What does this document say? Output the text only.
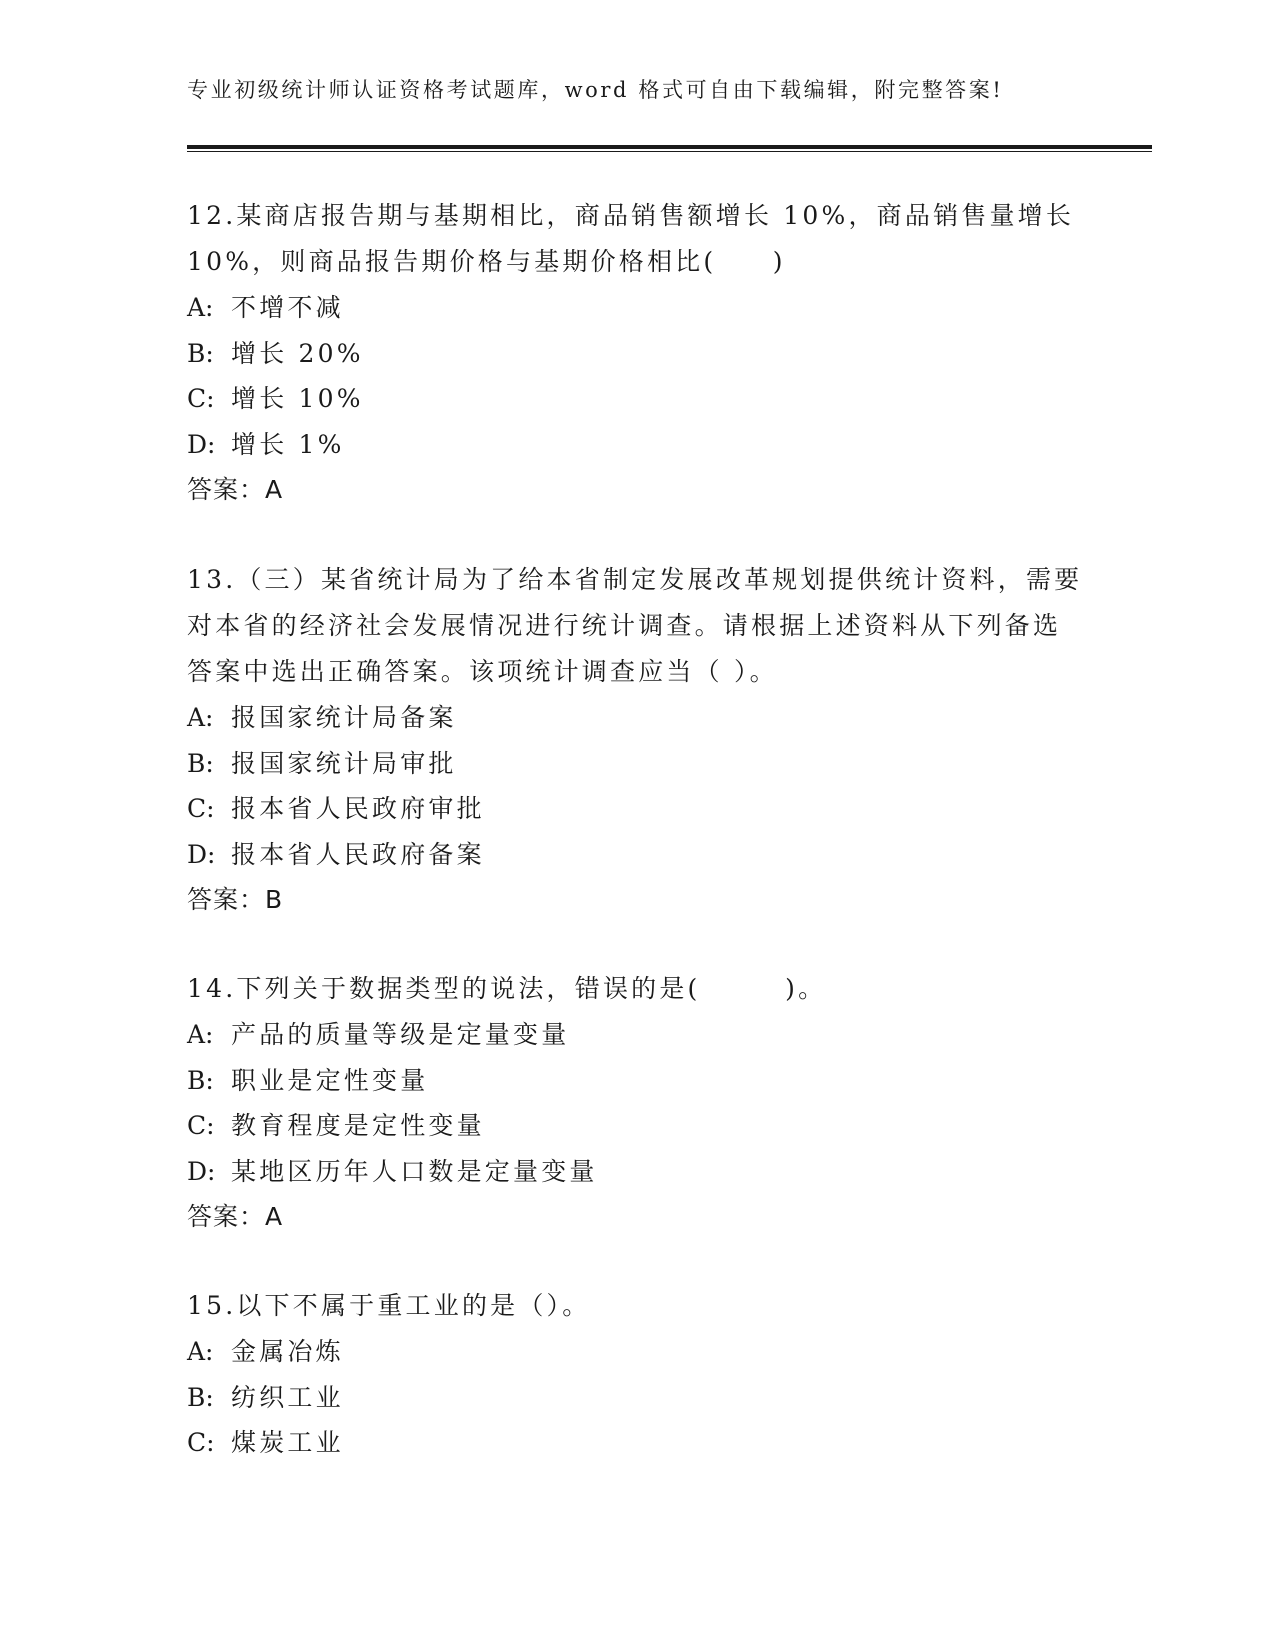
专业初级统计师认证资格考试题库，word 格式可自由下载编辑，附完整答案!

12.某商店报告期与基期相比，商品销售额增长 10%，商品销售量增长 10%，则商品报告期价格与基期价格相比(　　)

A: 不增不减

B: 增长 20%

C: 增长 10%

D: 增长 1%

答案：A

13.（三）某省统计局为了给本省制定发展改革规划提供统计资料，需要对本省的经济社会发展情况进行统计调查。请根据上述资料从下列备选答案中选出正确答案。该项统计调查应当（ ）。

A: 报国家统计局备案

B: 报国家统计局审批

C: 报本省人民政府审批

D: 报本省人民政府备案

答案：B

14.下列关于数据类型的说法，错误的是(　　　)。

A: 产品的质量等级是定量变量

B: 职业是定性变量

C: 教育程度是定性变量

D: 某地区历年人口数是定量变量

答案：A

15.以下不属于重工业的是（）。

A: 金属冶炼

B: 纺织工业

C: 煤炭工业
